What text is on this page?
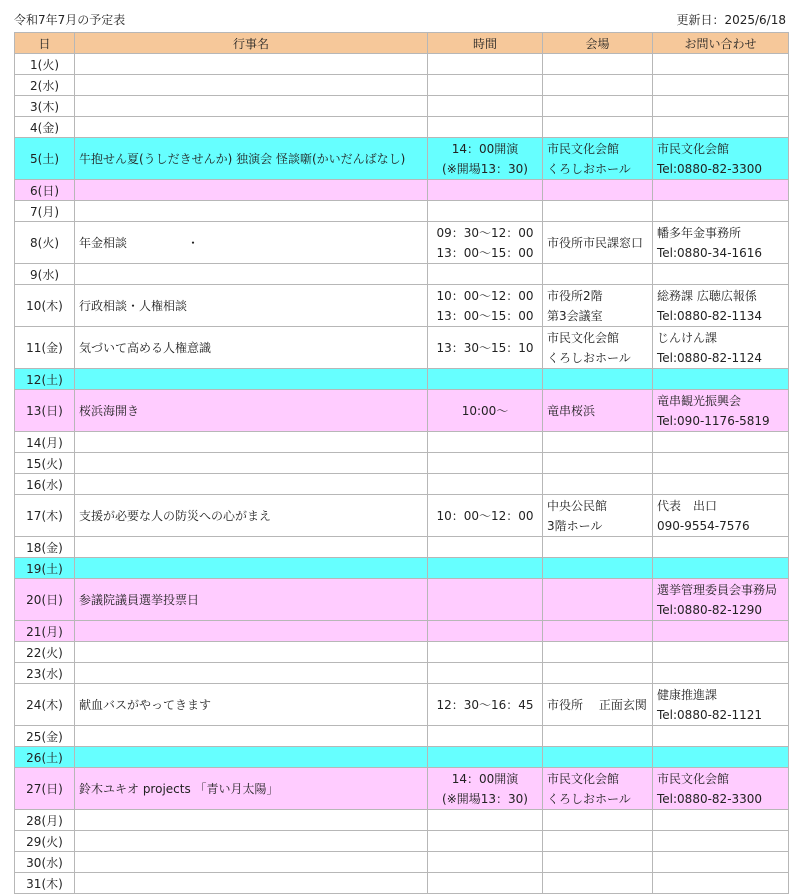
令和7年7月の予定表	更新日：2025/6/18
日	行事名	時間	会場	お問い合わせ
1(火)				
2(水)				
3(木)				
4(金)				
5(土)	牛抱せん夏(うしだきせんか) 独演会 怪談噺(かいだんばなし)	14：00開演
(※開場13：30)	市民文化会館
くろしおホール	市民文化会館
Tel:0880-82-3300

6(日)				
7(月)				
8(火)	年金相談　　　　　・	09：30〜12：00
13：00〜15：00	市役所市民課窓口	幡多年金事務所
Tel:0880-34-1616

9(水)				
10(木)	行政相談・人権相談	10：00〜12：00
13：00〜15：00	市役所2階
第3会議室	総務課 広聴広報係
Tel:0880-82-1134

11(金)	気づいて高める人権意識	13：30〜15：10	市民文化会館
くろしおホール	じんけん課
Tel:0880-82-1124

12(土)				
13(日)	桜浜海開き	10:00〜	竜串桜浜	竜串観光振興会
Tel:090-1176-5819

14(月)				
15(火)				
16(水)				
17(木)	支援が必要な人の防災への心がまえ	10：00〜12：00	中央公民館
3階ホール	代表　出口
090-9554-7576

18(金)				
19(土)				
20(日)	参議院議員選挙投票日			選挙管理委員会事務局
Tel:0880-82-1290

21(月)				
22(火)				
23(水)				
24(木)	献血バスがやってきます	12：30〜16：45	市役所　 正面玄関	健康推進課
Tel:0880-82-1121

25(金)				
26(土)				
27(日)	鈴木ユキオ projects 「青い月太陽」	14：00開演
(※開場13：30)	市民文化会館
くろしおホール	市民文化会館
Tel:0880-82-3300

28(月)				
29(火)				
30(水)				
31(木)				
